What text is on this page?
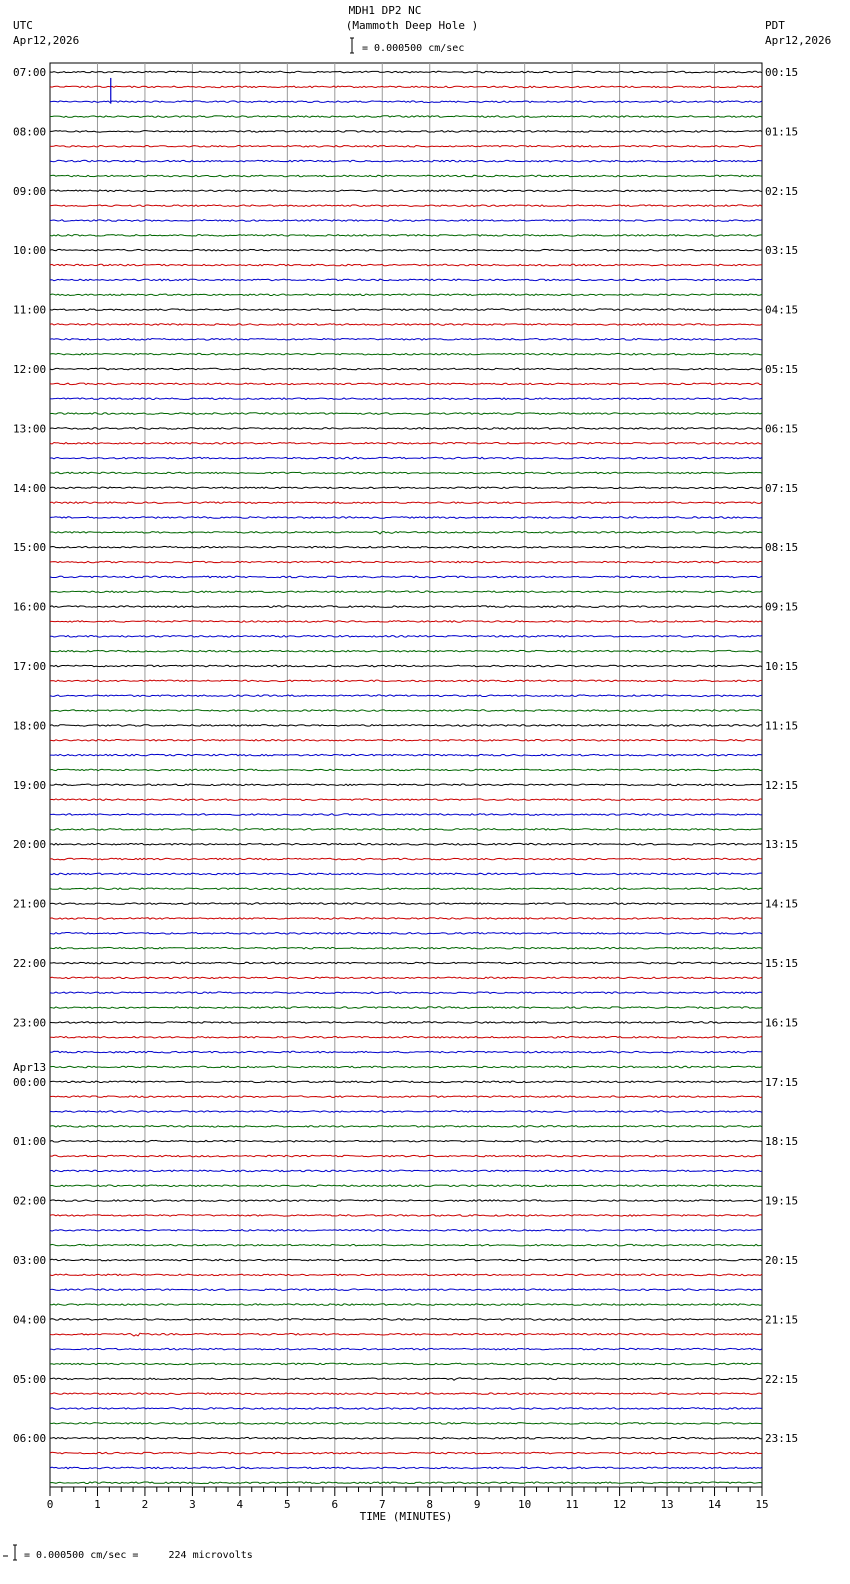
MDH1 DP2 NC
(Mammoth Deep Hole )
= 0.000500 cm/sec
UTC
Apr12,2026
PDT
Apr12,2026
= 0.000500 cm/sec =     224 microvolts
07:00
08:00
09:00
10:00
11:00
12:00
13:00
14:00
15:00
16:00
17:00
18:00
19:00
20:00
21:00
22:00
23:00
Apr13
00:00
01:00
02:00
03:00
04:00
05:00
06:00
00:15
01:15
02:15
03:15
04:15
05:15
06:15
07:15
08:15
09:15
10:15
11:15
12:15
13:15
14:15
15:15
16:15
17:15
18:15
19:15
20:15
21:15
22:15
23:15
0	1	2	3	4	5	6	7	8	9	10	11	12	13	14	15
TIME (MINUTES)
